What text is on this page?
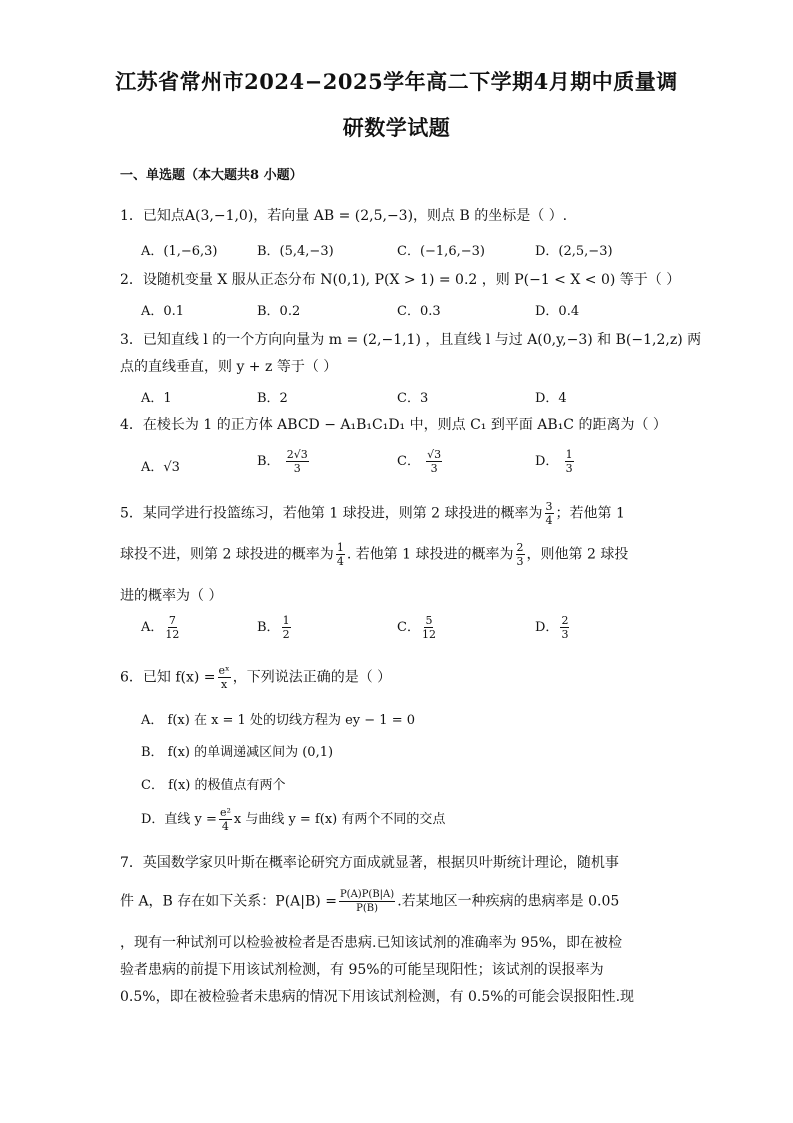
江苏省常州市2024−2025学年高二下学期4月期中质量调
研数学试题
一、单选题（本大题共8 小题）
1．已知点A(3,−1,0)，若向量 AB = (2,5,−3)，则点 B 的坐标是（ ）.
A．(1,−6,3)	B．(5,4,−3)	C．(−1,6,−3)	D．(2,5,−3)
2．设随机变量 X 服从正态分布 N(0,1), P(X > 1) = 0.2 ，则 P(−1 < X < 0) 等于（ ）
A．0.1	B．0.2	C．0.3	D．0.4
3．已知直线 l 的一个方向向量为 m = (2,−1,1) ，且直线 l 与过 A(0,y,−3) 和 B(−1,2,z) 两
点的直线垂直，则 y + z 等于（ ）
A．1	B．2	C．3	D．4
4．在棱长为 1 的正方体 ABCD − A₁B₁C₁D₁ 中，则点 C₁ 到平面 AB₁C 的距离为（ ）
A．√3	B． $\frac{2√3}{3}$	C． $\frac{√3}{3}$	D． $\frac{1}{3}$
5．某同学进行投篮练习，若他第 1 球投进，则第 2 球投进的概率为 $\frac{3}{4}$ ；若他第 1
球投不进，则第 2 球投进的概率为 $\frac{1}{4}$ . 若他第 1 球投进的概率为 $\frac{2}{3}$ ，则他第 2 球投
进的概率为（ ）
A． $\frac{7}{12}$	B． $\frac{1}{2}$	C． $\frac{5}{12}$	D． $\frac{2}{3}$
6．已知 $f(x) = \frac{\text{eˣ}}{x}$ ，下列说法正确的是（ ）
A． f(x) 在 x = 1 处的切线方程为 ey − 1 = 0
B． f(x) 的单调递减区间为 (0,1)
C． f(x) 的极值点有两个
D．直线 $y = \frac{\text{e²}}{4}$ x 与曲线 y = f(x) 有两个不同的交点
7．英国数学家贝叶斯在概率论研究方面成就显著，根据贝叶斯统计理论，随机事
件 A，B 存在如下关系：$P(A|B) = \frac{P(A)P(B|A)}{P(B)}$ .若某地区一种疾病的患病率是 0.05
，现有一种试剂可以检验被检者是否患病.已知该试剂的准确率为 95%，即在被检
验者患病的前提下用该试剂检测，有 95%的可能呈现阳性；该试剂的误报率为
0.5%，即在被检验者未患病的情况下用该试剂检测，有 0.5%的可能会误报阳性.现
